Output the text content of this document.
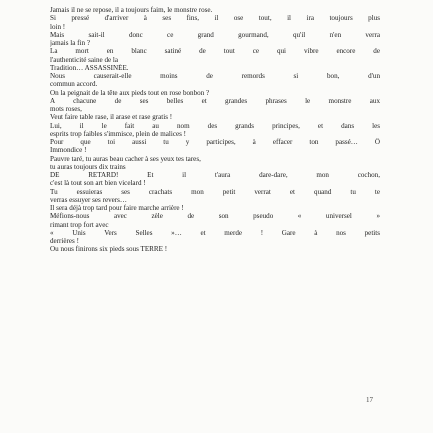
Jamais il ne se repose, il a toujours faim, le monstre rose.
Si pressé d'arriver à ses fins, il ose tout, il ira toujours plus
loin !
Mais sait-il donc ce grand gourmand, qu'il n'en verra
jamais la fin ?
La mort en blanc satiné de tout ce qui vibre encore de
l'authenticité saine de la
Tradition… ASSASSINÉE.
Nous causerait-elle moins de remords si bon, d'un
commun accord.
On la peignait de la tête aux pieds tout en rose bonbon ?
A chacune de ses belles et grandes phrases le monstre aux
mots roses,
Veut faire table rase, il arase et rase gratis !
Lui, il le fait au nom des grands principes, et dans les
esprits trop faibles s'immisce, plein de malices !
Pour que toi aussi tu y participes, à effacer ton passé… Ô
Immondice !
Pauvre taré, tu auras beau cacher à ses yeux tes tares,
tu auras toujours dix trains
DE RETARD! Et il t'aura dare-dare, mon cochon,
c'est là tout son art bien vicelard !
Tu essuieras ses crachats mon petit verrat et quand tu te
verras essuyer ses revers…
Il sera déjà trop tard pour faire marche arrière !
Méfions-nous avec zèle de son pseudo « universel »
rimant trop fort avec
« Unis Vers Selles »… et merde ! Gare à nos petits
derrières !
Ou nous finirons six pieds sous TERRE !
17
